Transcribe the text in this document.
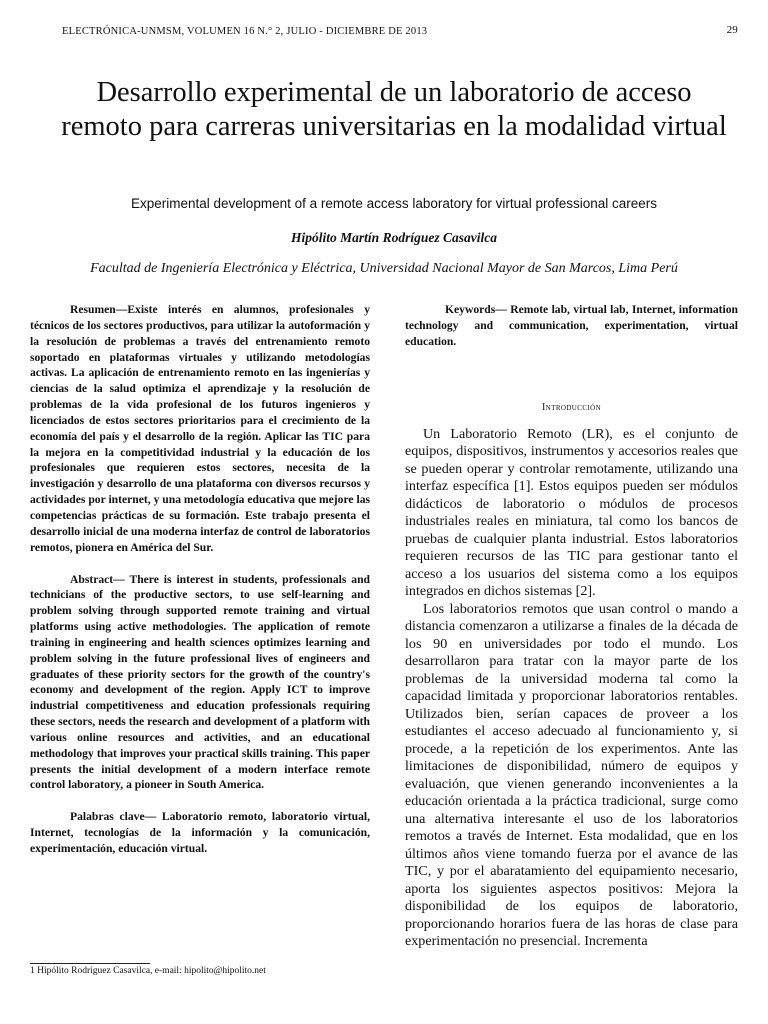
ELECTRÓNICA-UNMSM, VOLUMEN 16 N.° 2, JULIO - DICIEMBRE DE 2013	29
Desarrollo experimental de un laboratorio de acceso remoto para carreras universitarias en la modalidad virtual
Experimental development of a remote access laboratory for virtual professional careers
Hipólito Martín Rodríguez Casavilca
Facultad de Ingeniería Electrónica y Eléctrica, Universidad Nacional Mayor de San Marcos, Lima Perú

Resumen—Existe interés en alumnos, profesionales y técnicos de los sectores productivos, para utilizar la autoformación y la resolución de problemas a través del entrenamiento remoto soportado en plataformas virtuales y utilizando metodologías activas. La aplicación de entrenamiento remoto en las ingenierías y ciencias de la salud optimiza el aprendizaje y la resolución de problemas de la vida profesional de los futuros ingenieros y licenciados de estos sectores prioritarios para el crecimiento de la economía del país y el desarrollo de la región. Aplicar las TIC para la mejora en la competitividad industrial y la educación de los profesionales que requieren estos sectores, necesita de la investigación y desarrollo de una plataforma con diversos recursos y actividades por internet, y una metodología educativa que mejore las competencias prácticas de su formación. Este trabajo presenta el desarrollo inicial de una moderna interfaz de control de laboratorios remotos, pionera en América del Sur.

Abstract— There is interest in students, professionals and technicians of the productive sectors, to use self-learning and problem solving through supported remote training and virtual platforms using active methodologies. The application of remote training in engineering and health sciences optimizes learning and problem solving in the future professional lives of engineers and graduates of these priority sectors for the growth of the country's economy and development of the region. Apply ICT to improve industrial competitiveness and education professionals requiring these sectors, needs the research and development of a platform with various online resources and activities, and an educational methodology that improves your practical skills training. This paper presents the initial development of a modern interface remote control laboratory, a pioneer in South America.

Palabras clave— Laboratorio remoto, laboratorio virtual, Internet, tecnologías de la información y la comunicación, experimentación, educación virtual.

Keywords— Remote lab, virtual lab, Internet, information technology and communication, experimentation, virtual education.

Introducción

Un Laboratorio Remoto (LR), es el conjunto de equipos, dispositivos, instrumentos y accesorios reales que se pueden operar y controlar remotamente, utilizando una interfaz específica [1]. Estos equipos pueden ser módulos didácticos de laboratorio o módulos de procesos industriales reales en miniatura, tal como los bancos de pruebas de cualquier planta industrial. Estos laboratorios requieren recursos de las TIC para gestionar tanto el acceso a los usuarios del sistema como a los equipos integrados en dichos sistemas [2].

Los laboratorios remotos que usan control o mando a distancia comenzaron a utilizarse a finales de la década de los 90 en universidades por todo el mundo. Los desarrollaron para tratar con la mayor parte de los problemas de la universidad moderna tal como la capacidad limitada y proporcionar laboratorios rentables. Utilizados bien, serían capaces de proveer a los estudiantes el acceso adecuado al funcionamiento y, si procede, a la repetición de los experimentos. Ante las limitaciones de disponibilidad, número de equipos y evaluación, que vienen generando inconvenientes a la educación orientada a la práctica tradicional, surge como una alternativa interesante el uso de los laboratorios remotos a través de Internet. Esta modalidad, que en los últimos años viene tomando fuerza por el avance de las TIC, y por el abaratamiento del equipamiento necesario, aporta los siguientes aspectos positivos: Mejora la disponibilidad de los equipos de laboratorio, proporcionando horarios fuera de las horas de clase para experimentación no presencial. Incrementa

1 Hipólito Rodríguez Casavilca, e-mail: hipolito@hipolito.net
